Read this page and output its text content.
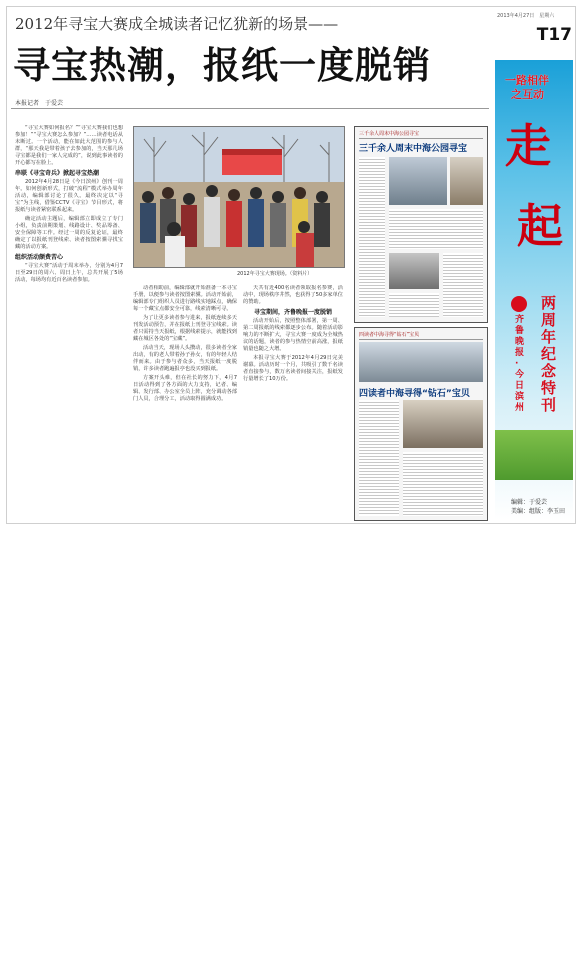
2012年寻宝大赛成全城读者记忆犹新的场景——
寻宝热潮，报纸一度脱销
本报记者　于爱芸

“寻宝大赛如何报名？”“寻宝大赛我们也想参加！”“寻宝大赛怎么参加？”……读者电话从未断过。一个活动，能在如此大范围的参与人群，“那天我是带着孩子去参加的，当天那几场寻宝都是我们一家人完成的”，说到此事读者的开心都写在脸上。

串联《寻宝奇兵》掀起寻宝热潮

2012年4月28日是《今日滨州》创刊一周年。如何创新形式，打破“流程”模式举办周年活动，编辑部讨论了很久。最终决定以“寻宝”为主线，借鉴CCTV《寻宝》节目形式，将报纸与读者紧密联系起来。

确定活动主题后，编辑部立即成立了专门小组，负责前期策划、线路设计、奖品筹备、安全保障等工作。经过一周的反复论证，最终确定了以报纸刊登线索、读者按图索骥寻找宝藏的活动方案。

组织活动颇费苦心

“寻宝大赛”活动于周末举办，分别为4月7日至29日的周六、周日上午，总共开展了5场活动，每场均有近百名读者参加。

2012年寻宝大赛现场。（资料片）

动者相助前，编辑部就开始准备一本寻宝手册，以便参与读者按图索骥。活动开始前，编辑部专门组织人员进行路线实地踩点，确保每一个藏宝点都安全可靠，线索清晰可寻。

为了让更多读者参与进来，报纸连续多天刊发活动预告，并在报纸上刊登寻宝线索。读者只需持当天报纸，根据线索提示，就能找到藏在城区各处的“宝藏”。

活动当天，现场人头攒动，很多读者全家出动，有的老人带着孙子孙女，有的年轻人结伴而来。由于参与者众多，当天报纸一度脱销，许多读者跑遍报亭也没买到报纸。

方案开头难，但在社长的努力下，4月7日活动得到了各方面的大力支持，记者、编辑、发行部、办公室全员上阵，充分调动各部门人员，合理分工，活动取得圆满成功。

天共有近400名读者领取报名参赛，活动中，现场秩序井然，也获得了50多家单位的赞助。

寻宝期间，齐鲁晚报一度脱销

活动开始后，按照整体部署，第一周、第二周报纸的线索都逐步公布。随着活动影响力的不断扩大，寻宝大赛一度成为全城热议的话题，读者的参与热情空前高涨，报纸销量也随之大增。

本报寻宝大赛于2012年4月29日完美谢幕。活动历时一个月，共吸引了数千名读者直接参与，数万名读者间接关注，报纸发行量增长了10万份。

三千余人周末中海公园寻宝
三千余人周末中海公园寻宝
四读者中海寻得“钻石”宝贝
四读者中海寻得“钻石”宝贝
2013年4月27日　星期六
T17
一路相伴
之互动
走
起
齐鲁晚报·今日滨州
两周年纪念特刊
编辑：于爱芸
美编：组版：李玉田
